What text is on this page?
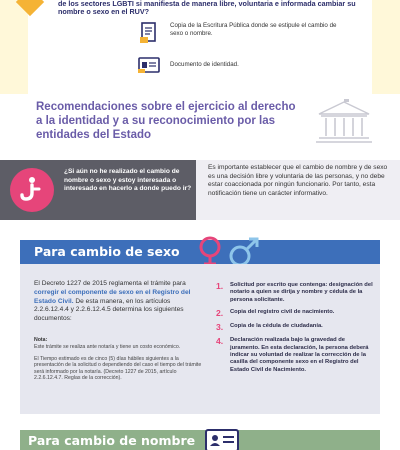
de los sectores LGBTI si manifiesta de manera libre, voluntaria e informada cambiar su nombre o sexo en el RUV?
Copia de la Escritura Pública donde se estipule el cambio de sexo o nombre.
Documento de identidad.
Recomendaciones sobre el ejercicio al derecho a la identidad y a su reconocimiento por las entidades del Estado
¿Si aún no he realizado el cambio de nombre o sexo y estoy interesada o interesado en hacerlo a donde puedo ir?
Es importante establecer que el cambio de nombre y de sexo es una decisión libre y voluntaria de las personas, y no debe estar coaccionada por ningún funcionario. Por tanto, esta notificación tiene un carácter informativo.
Para cambio de sexo
El Decreto 1227 de 2015 reglamenta el trámite para corregir el componente de sexo en el Registro del Estado Civil. De esta manera, en los artículos 2.2.6.12.4.4 y 2.2.6.12.4.5 determina los siguientes documentos:
Nota:
Este trámite se realiza ante notaría y tiene un costo económico.
El Tiempo estimado es de cinco (5) días hábiles siguientes a la presentación de la solicitud o dependiendo del caso el tiempo del trámite será informado por la notaría. (Decreto 1227 de 2015, artículo 2.2.6.12.4.7. Reglas de la corrección).
1.	Solicitud por escrito que contenga: designación del notario a quien se dirija y nombre y cédula de la persona solicitante.
2.	Copia del registro civil de nacimiento.
3.	Copia de la cédula de ciudadanía.
4.	Declaración realizada bajo la gravedad de juramento. En esta declaración, la persona deberá indicar su voluntad de realizar la corrección de la casilla del componente sexo en el Registro del Estado Civil de Nacimiento.
Para cambio de nombre
